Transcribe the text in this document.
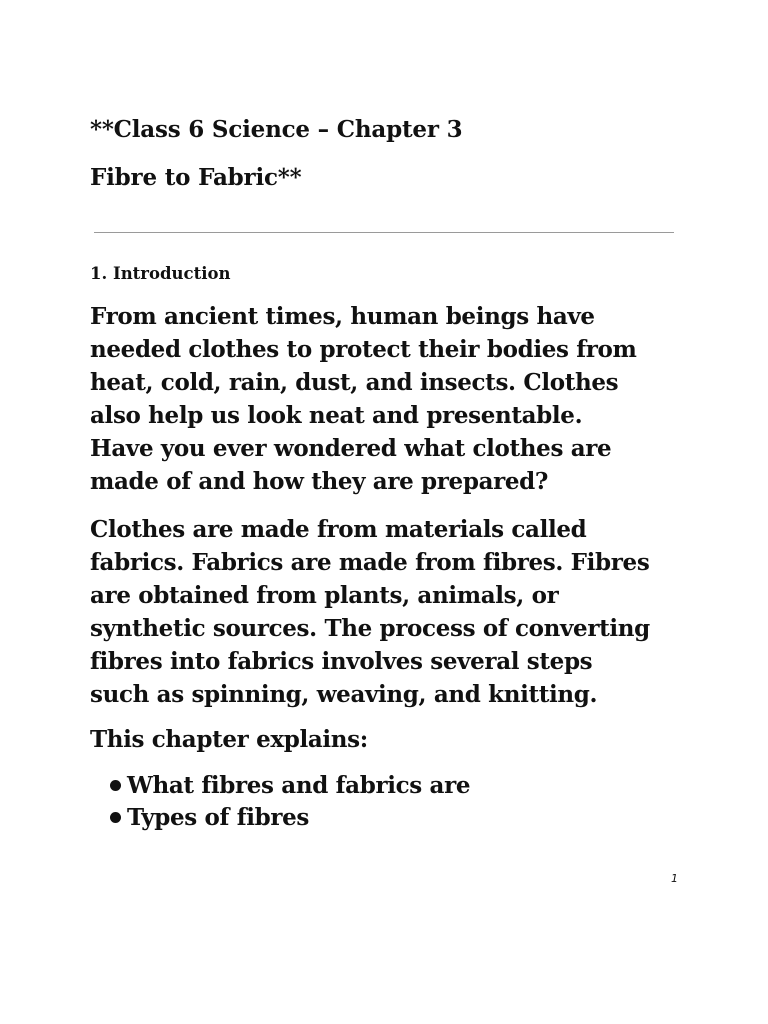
**Class 6 Science – Chapter 3
Fibre to Fabric**
1. Introduction

From ancient times, human beings have
needed clothes to protect their bodies from
heat, cold, rain, dust, and insects. Clothes
also help us look neat and presentable.
Have you ever wondered what clothes are
made of and how they are prepared?

Clothes are made from materials called
fabrics. Fabrics are made from fibres. Fibres
are obtained from plants, animals, or
synthetic sources. The process of converting
fibres into fabrics involves several steps
such as spinning, weaving, and knitting.

This chapter explains:

What fibres and fabrics are
Types of fibres
1
